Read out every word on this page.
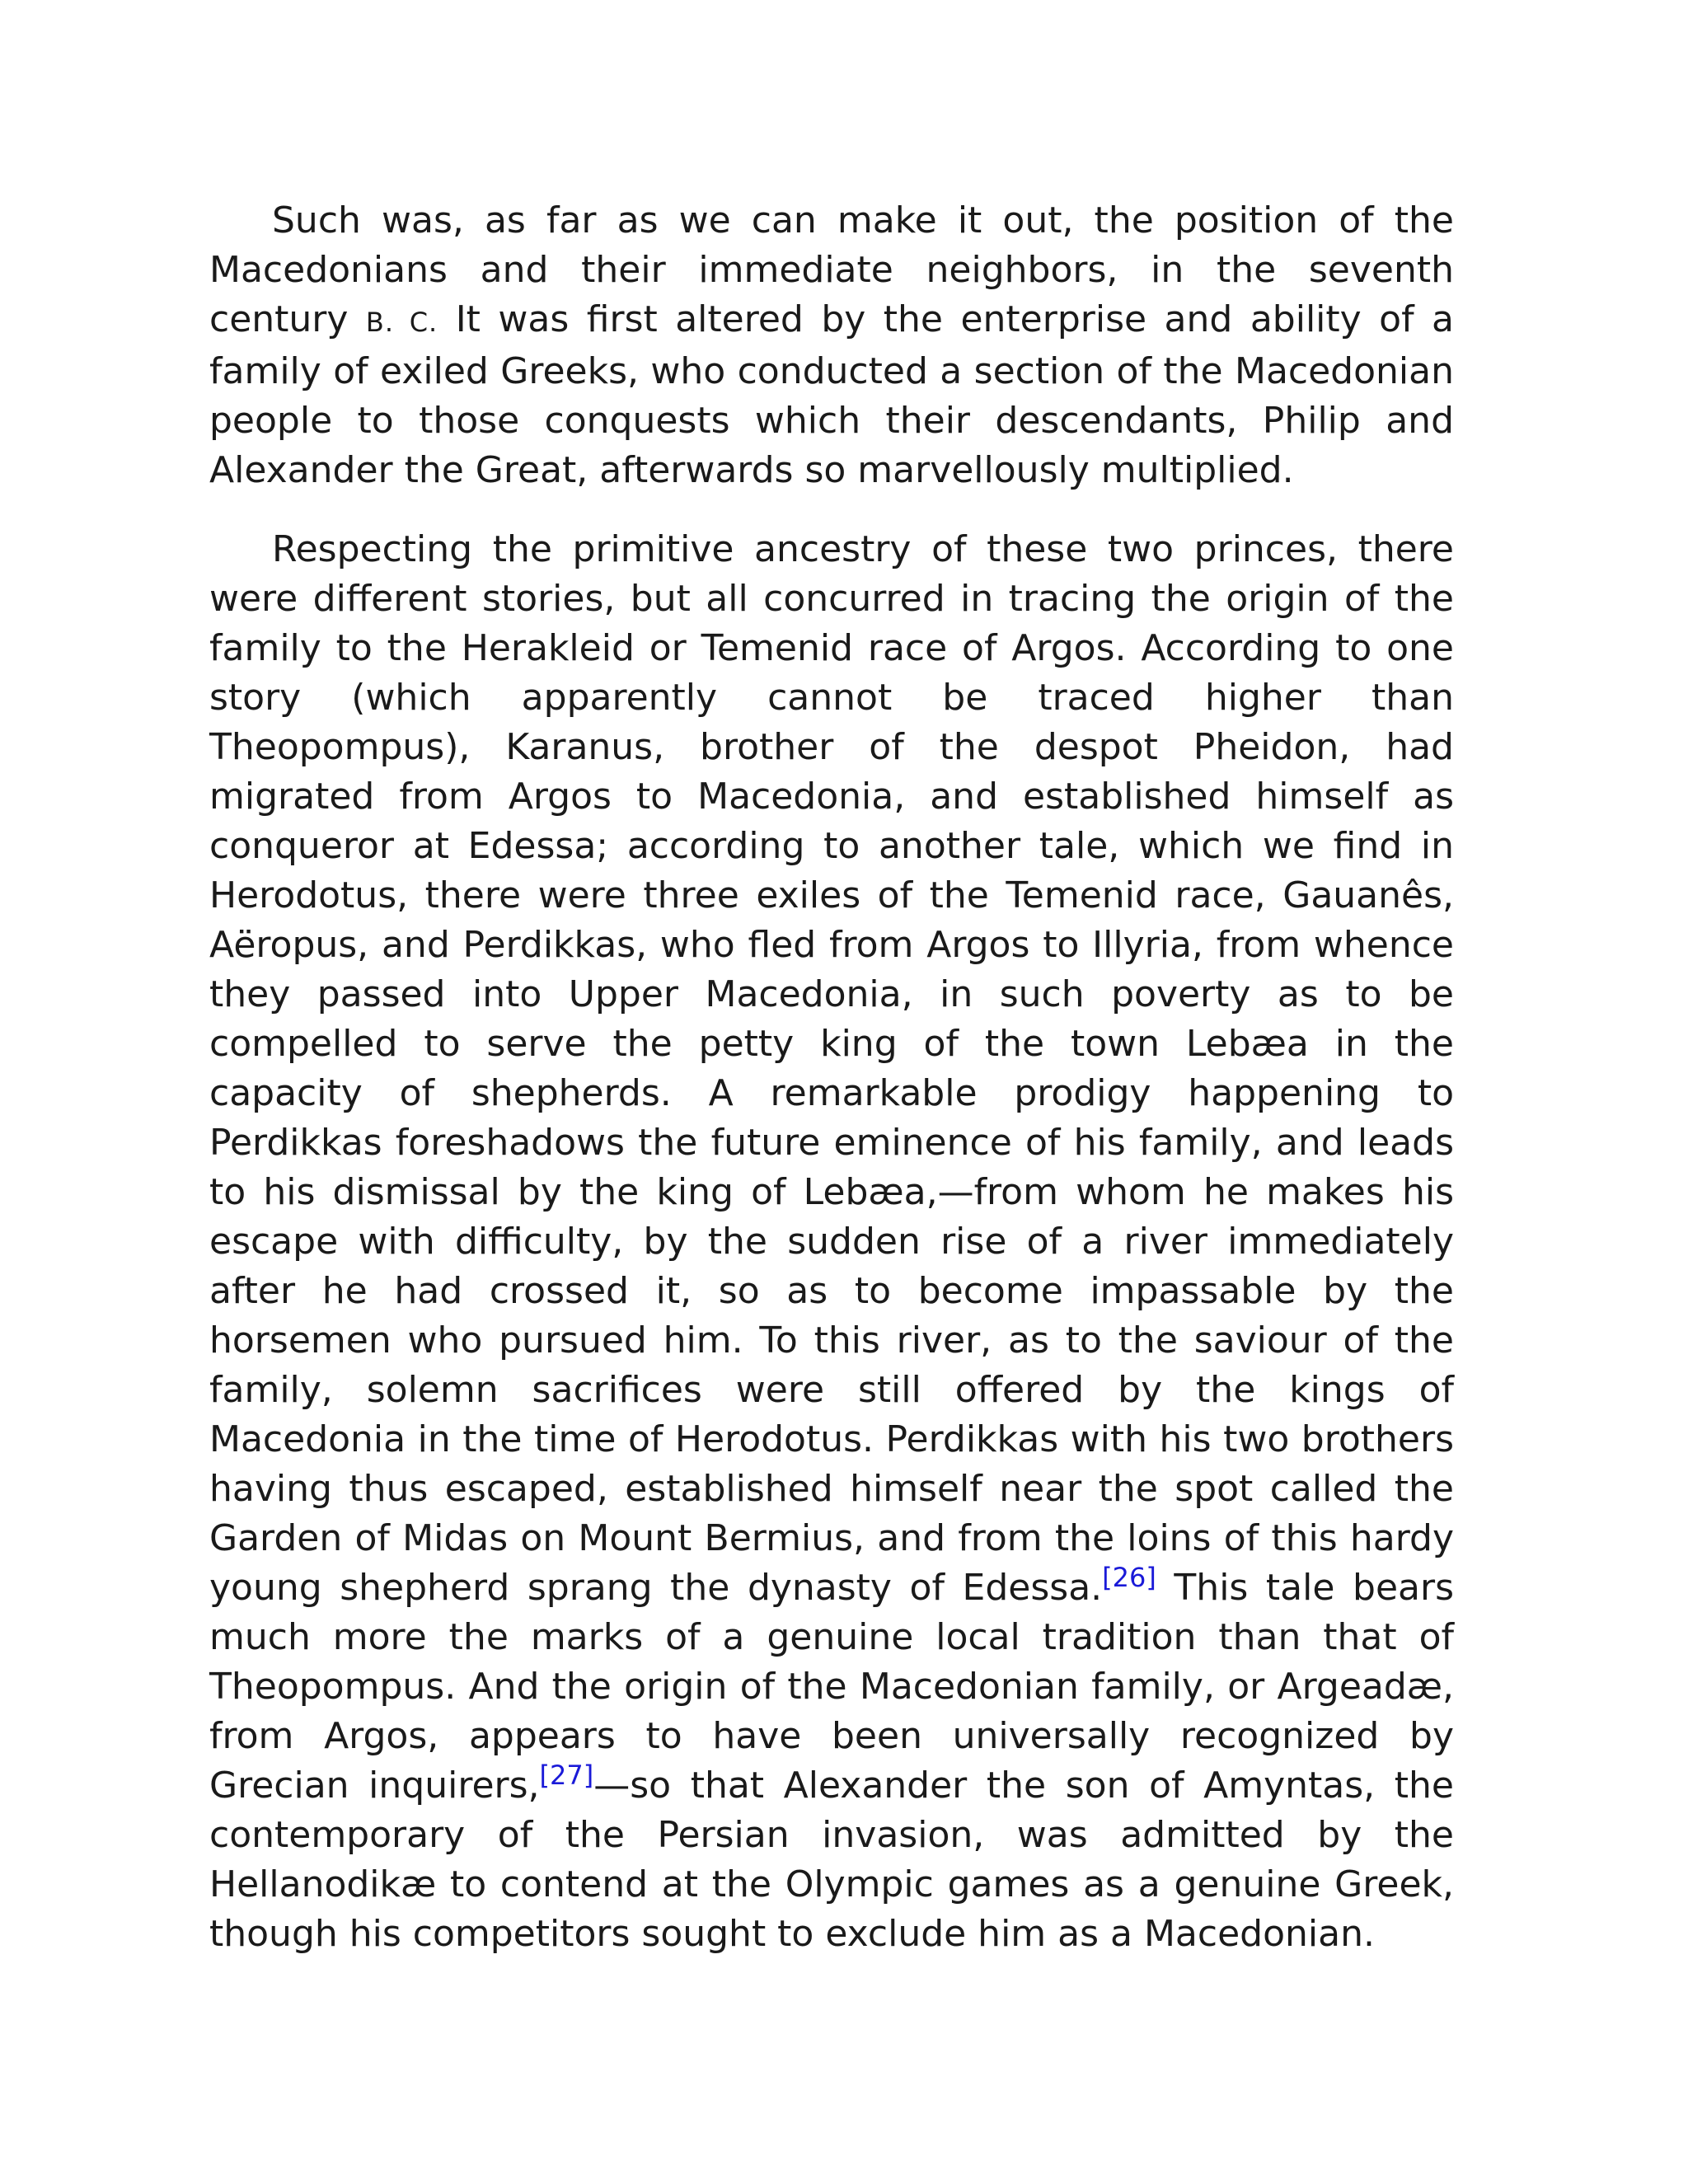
Such was, as far as we can make it out, the position of the Macedonians and their immediate neighbors, in the seventh century B. C. It was first altered by the enterprise and ability of a family of exiled Greeks, who conducted a section of the Macedonian people to those conquests which their descendants, Philip and Alexander the Great, afterwards so marvellously multiplied.

Respecting the primitive ancestry of these two princes, there were different stories, but all concurred in tracing the origin of the family to the Herakleid or Temenid race of Argos. According to one story (which apparently cannot be traced higher than Theopompus), Karanus, brother of the despot Pheidon, had migrated from Argos to Macedonia, and established himself as conqueror at Edessa; according to another tale, which we find in Herodotus, there were three exiles of the Temenid race, Gauanês, Aëropus, and Perdikkas, who fled from Argos to Illyria, from whence they passed into Upper Macedonia, in such poverty as to be compelled to serve the petty king of the town Lebæa in the capacity of shepherds. A remarkable prodigy happening to Perdikkas foreshadows the future eminence of his family, and leads to his dismissal by the king of Lebæa,—from whom he makes his escape with difficulty, by the sudden rise of a river immediately after he had crossed it, so as to become impassable by the horsemen who pursued him. To this river, as to the saviour of the family, solemn sacrifices were still offered by the kings of Macedonia in the time of Herodotus. Perdikkas with his two brothers having thus escaped, established himself near the spot called the Garden of Midas on Mount Bermius, and from the loins of this hardy young shepherd sprang the dynasty of Edessa.[26] This tale bears much more the marks of a genuine local tradition than that of Theopompus. And the origin of the Macedonian family, or Argeadæ, from Argos, appears to have been universally recognized by Grecian inquirers,[27]—so that Alexander the son of Amyntas, the contemporary of the Persian invasion, was admitted by the Hellanodikæ to contend at the Olympic games as a genuine Greek, though his competitors sought to exclude him as a Macedonian.
